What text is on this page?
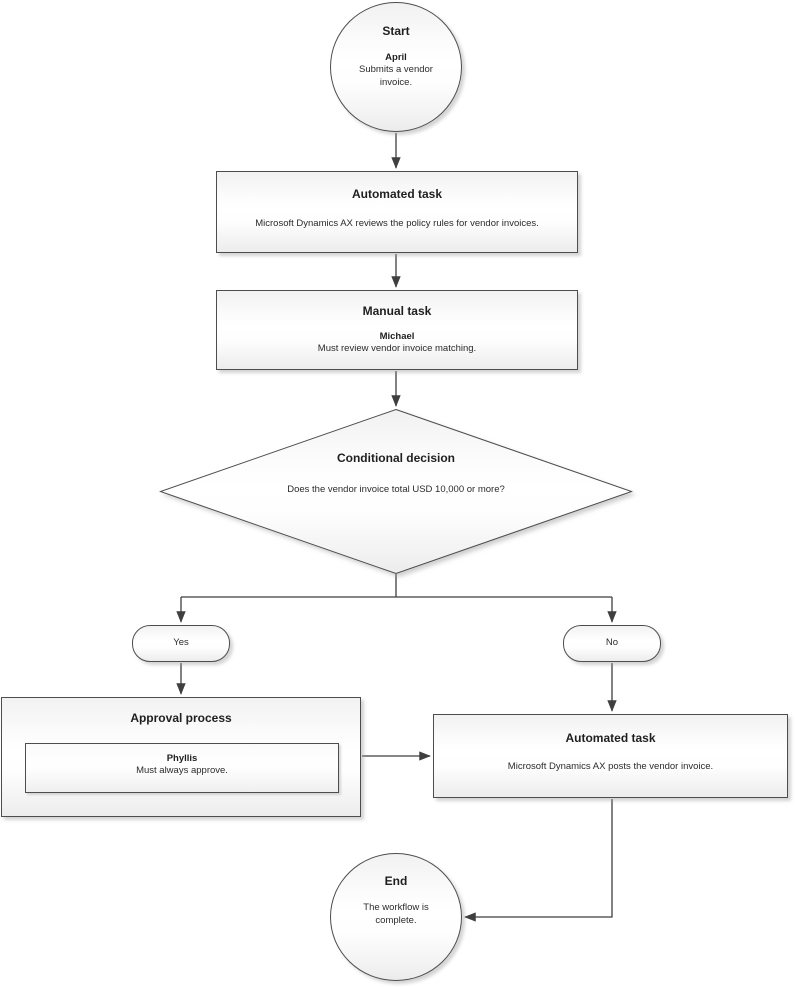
Start
April
Submits a vendor invoice.
Automated task
Microsoft Dynamics AX reviews the policy rules for vendor invoices.
Manual task
Michael
Must review vendor invoice matching.
Conditional decision
Does the vendor invoice total USD 10,000 or more?
Yes	No
Approval process
Phyllis
Must always approve.
Automated task
Microsoft Dynamics AX posts the vendor invoice.
End
The workflow is complete.
